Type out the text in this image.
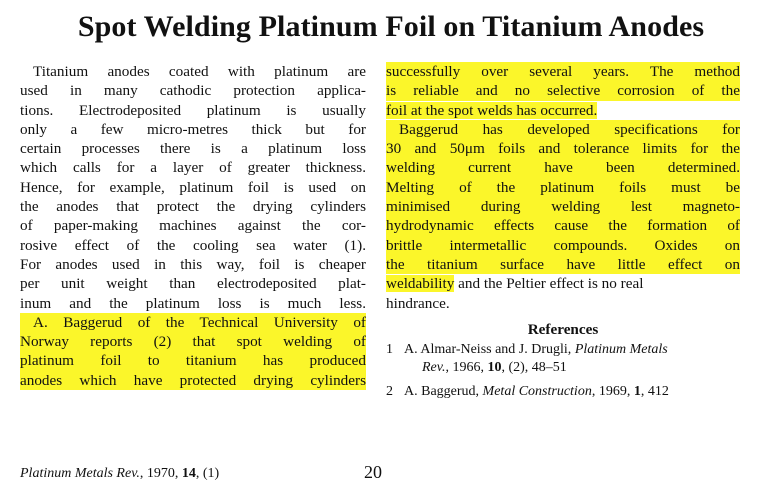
Spot Welding Platinum Foil on Titanium Anodes
Titanium anodes coated with platinum are
used in many cathodic protection applica-
tions. Electrodeposited platinum is usually
only a few micro-metres thick but for
certain processes there is a platinum loss
which calls for a layer of greater thickness.
Hence, for example, platinum foil is used on
the anodes that protect the drying cylinders
of paper-making machines against the cor-
rosive effect of the cooling sea water (1).
For anodes used in this way, foil is cheaper
per unit weight than electrodeposited plat-
inum and the platinum loss is much less.
A. Baggerud of the Technical University of
Norway reports (2) that spot welding of
platinum foil to titanium has produced
anodes which have protected drying cylinders
successfully over several years. The method
is reliable and no selective corrosion of the
foil at the spot welds has occurred.
Baggerud has developed specifications for
30 and 50μm foils and tolerance limits for the
welding current have been determined.
Melting of the platinum foils must be
minimised during welding lest magneto-
hydrodynamic effects cause the formation of
brittle intermetallic compounds. Oxides on
the titanium surface have little effect on
weldability and the Peltier effect is no real
hindrance.
References
1 A. Almar-Neiss and J. Drugli, Platinum Metals
Rev., 1966, 10, (2), 48–51
2 A. Baggerud, Metal Construction, 1969, 1, 412
Platinum Metals Rev., 1970, 14, (1)	20
